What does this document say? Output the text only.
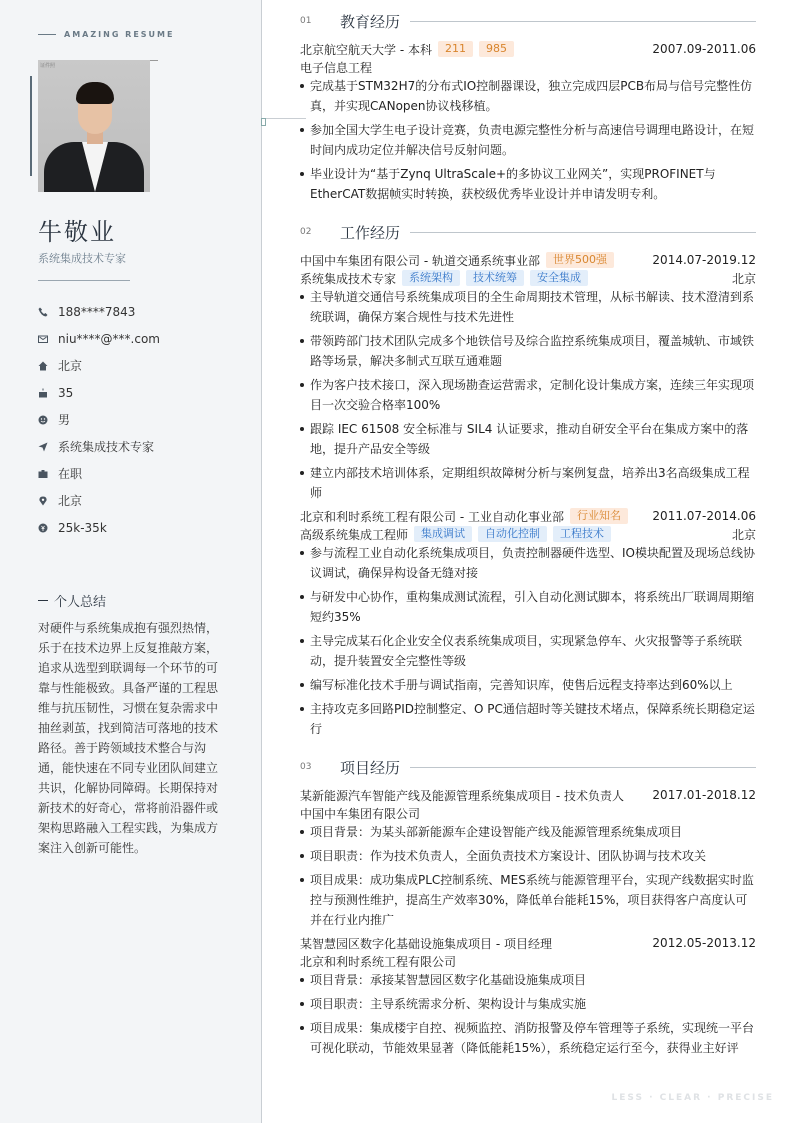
AMAZING RESUME
证件照
牛敬业
系统集成技术专家
188****7843
niu****@***.com
北京
35
男
系统集成技术专家
在职
北京
25k-35k
个人总结
对硬件与系统集成抱有强烈热情，乐于在技术边界上反复推敲方案，追求从选型到联调每一个环节的可靠与性能极致。具备严谨的工程思维与抗压韧性，习惯在复杂需求中抽丝剥茧，找到简洁可落地的技术路径。善于跨领域技术整合与沟通，能快速在不同专业团队间建立共识，化解协同障碍。长期保持对新技术的好奇心，常将前沿器件或架构思路融入工程实践，为集成方案注入创新可能性。
01	教育经历
北京航空航天大学 - 本科	211	985	2007.09-2011.06
电子信息工程
完成基于STM32H7的分布式IO控制器课设，独立完成四层PCB布局与信号完整性仿真，并实现CANopen协议栈移植。
参加全国大学生电子设计竞赛，负责电源完整性分析与高速信号调理电路设计，在短时间内成功定位并解决信号反射问题。
毕业设计为“基于Zynq UltraScale+的多协议工业网关”，实现PROFINET与EtherCAT数据帧实时转换，获校级优秀毕业设计并申请发明专利。
02	工作经历
中国中车集团有限公司 - 轨道交通系统事业部	世界500强	2014.07-2019.12
系统集成技术专家	系统架构	技术统筹	安全集成	北京
主导轨道交通信号系统集成项目的全生命周期技术管理，从标书解读、技术澄清到系统联调，确保方案合规性与技术先进性
带领跨部门技术团队完成多个地铁信号及综合监控系统集成项目，覆盖城轨、市域铁路等场景，解决多制式互联互通难题
作为客户技术接口，深入现场勘查运营需求，定制化设计集成方案，连续三年实现项目一次交验合格率100%
跟踪 IEC 61508 安全标准与 SIL4 认证要求，推动自研安全平台在集成方案中的落地，提升产品安全等级
建立内部技术培训体系，定期组织故障树分析与案例复盘，培养出3名高级集成工程师
北京和利时系统工程有限公司 - 工业自动化事业部	行业知名	2011.07-2014.06
高级系统集成工程师	集成调试	自动化控制	工程技术	北京
参与流程工业自动化系统集成项目，负责控制器硬件选型、IO模块配置及现场总线协议调试，确保异构设备无缝对接
与研发中心协作，重构集成测试流程，引入自动化测试脚本，将系统出厂联调周期缩短约35%
主导完成某石化企业安全仪表系统集成项目，实现紧急停车、火灾报警等子系统联动，提升装置安全完整性等级
编写标准化技术手册与调试指南，完善知识库，使售后远程支持率达到60%以上
主持攻克多回路PID控制整定、O PC通信超时等关键技术堵点，保障系统长期稳定运行
03	项目经历
某新能源汽车智能产线及能源管理系统集成项目 - 技术负责人 2017.01-2018.12
中国中车集团有限公司
项目背景：为某头部新能源车企建设智能产线及能源管理系统集成项目
项目职责：作为技术负责人，全面负责技术方案设计、团队协调与技术攻关
项目成果：成功集成PLC控制系统、MES系统与能源管理平台，实现产线数据实时监控与预测性维护，提高生产效率30%，降低单台能耗15%，项目获得客户高度认可并在行业内推广
某智慧园区数字化基础设施集成项目 - 项目经理	2012.05-2013.12
北京和利时系统工程有限公司
项目背景：承接某智慧园区数字化基础设施集成项目
项目职责：主导系统需求分析、架构设计与集成实施
项目成果：集成楼宇自控、视频监控、消防报警及停车管理等子系统，实现统一平台可视化联动，节能效果显著（降低能耗15%），系统稳定运行至今，获得业主好评
LESS · CLEAR · PRECISE
